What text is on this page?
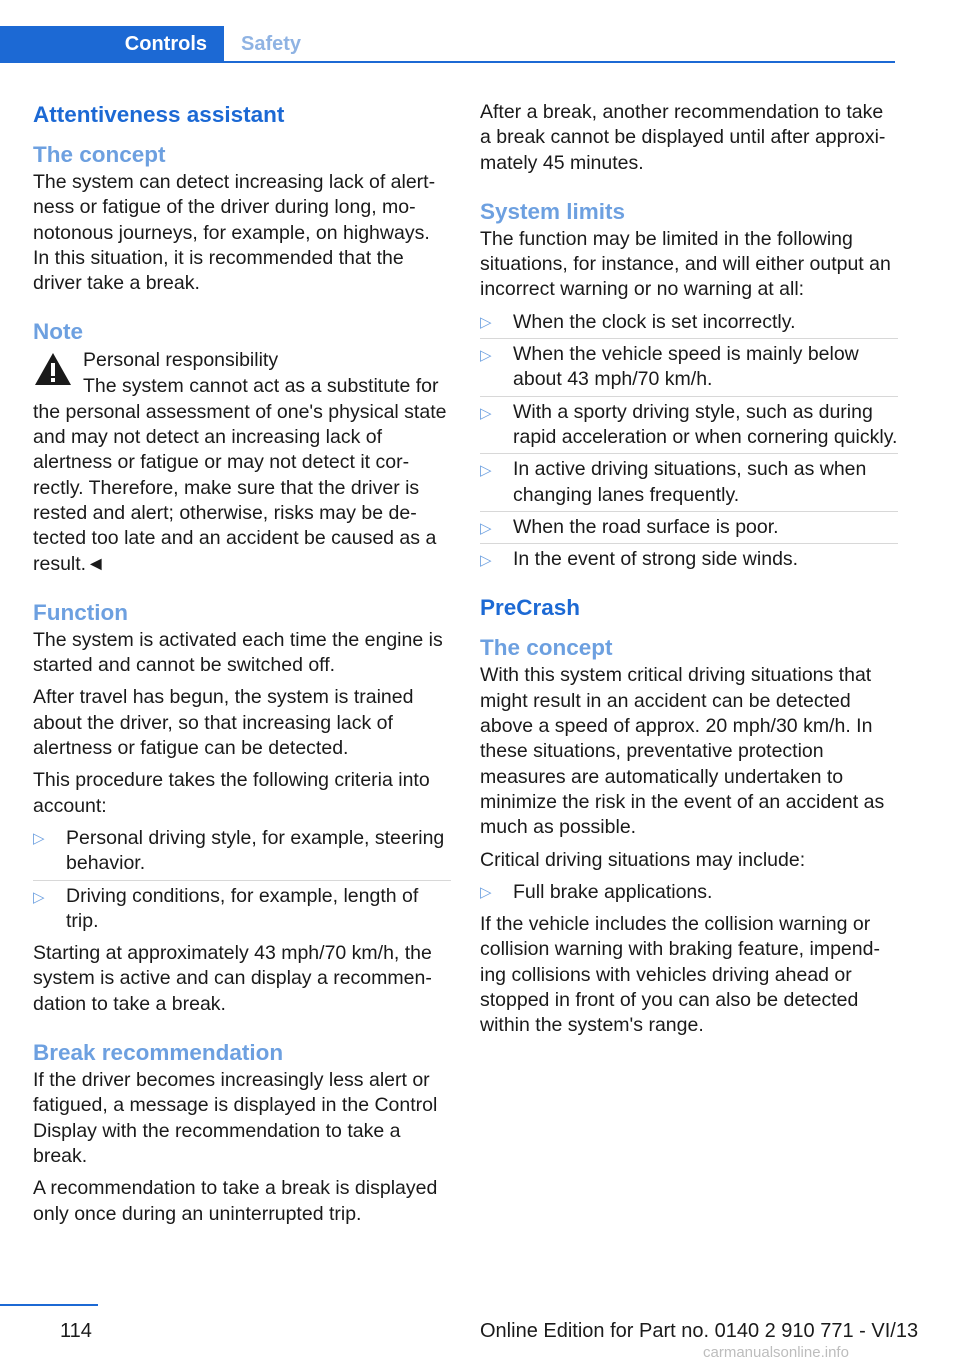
Controls	Safety
Attentiveness assistant
The concept

The system can detect increasing lack of alertness or fatigue of the driver during long, monotonous journeys, for example, on highways. In this situation, it is recommended that the driver take a break.

Note
Personal responsibility

The system cannot act as a substitute for the personal assessment of one's physical state and may not detect an increasing lack of alertness or fatigue or may not detect it correctly. Therefore, make sure that the driver is rested and alert; otherwise, risks may be detected too late and an accident be caused as a result.◄

Function

The system is activated each time the engine is started and cannot be switched off.

After travel has begun, the system is trained about the driver, so that increasing lack of alertness or fatigue can be detected.

This procedure takes the following criteria into account:

▷ Personal driving style, for example, steering behavior.
▷ Driving conditions, for example, length of trip.

Starting at approximately 43 mph/70 km/h, the system is active and can display a recommendation to take a break.

Break recommendation

If the driver becomes increasingly less alert or fatigued, a message is displayed in the Control Display with the recommendation to take a break.

A recommendation to take a break is displayed only once during an uninterrupted trip.

After a break, another recommendation to take a break cannot be displayed until after approximately 45 minutes.

System limits

The function may be limited in the following situations, for instance, and will either output an incorrect warning or no warning at all:

▷ When the clock is set incorrectly.
▷ When the vehicle speed is mainly below about 43 mph/70 km/h.
▷ With a sporty driving style, such as during rapid acceleration or when cornering quickly.
▷ In active driving situations, such as when changing lanes frequently.
▷ When the road surface is poor.
▷ In the event of strong side winds.
PreCrash
The concept

With this system critical driving situations that might result in an accident can be detected above a speed of approx. 20 mph/30 km/h. In these situations, preventative protection measures are automatically undertaken to minimize the risk in the event of an accident as much as possible.

Critical driving situations may include:

▷ Full brake applications.

If the vehicle includes the collision warning or collision warning with braking feature, impending collisions with vehicles driving ahead or stopped in front of you can also be detected within the system's range.

114	Online Edition for Part no. 0140 2 910 771 - VI/13
carmanualsonline.info
